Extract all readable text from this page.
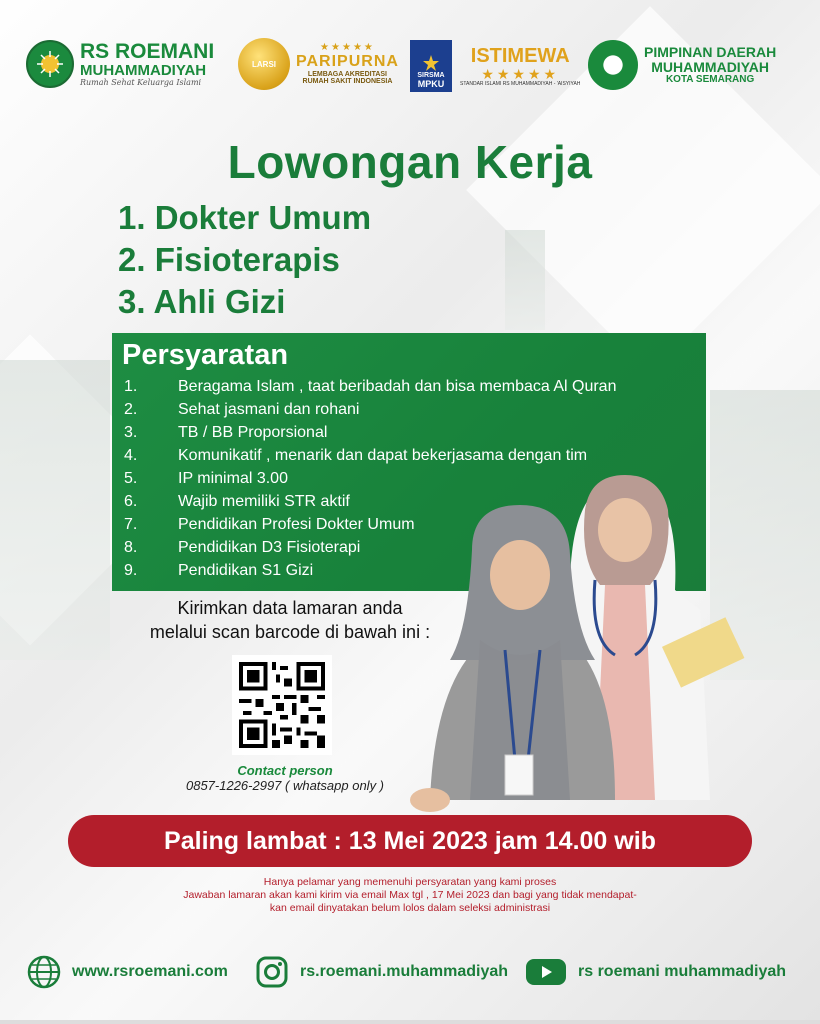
RS ROEMANI
MUHAMMADIYAH
Rumah Sehat Keluarga Islami
LARSI
★★★★★
PARIPURNA
LEMBAGA AKREDITASI
RUMAH SAKIT INDONESIA
SIRSMA
MPKU
ISTIMEWA
★★★★★
STANDAR ISLAMI RS MUHAMMADIYAH - 'AISYIYAH
PIMPINAN DAERAH
MUHAMMADIYAH
KOTA SEMARANG
Lowongan Kerja
1. Dokter Umum
2. Fisioterapis
3. Ahli Gizi
Persyaratan
1.	Beragama Islam , taat beribadah dan bisa membaca Al Quran
2.	Sehat jasmani dan rohani
3.	TB / BB Proporsional
4.	Komunikatif , menarik dan dapat bekerjasama dengan tim
5.	IP minimal 3.00
6.	Wajib memiliki STR aktif
7.	Pendidikan Profesi Dokter Umum
8.	Pendidikan D3 Fisioterapi
9.	Pendidikan S1 Gizi
Kirimkan data lamaran anda
melalui scan barcode di bawah ini :
Contact person
0857-1226-2997 ( whatsapp only )
Paling lambat : 13 Mei 2023 jam 14.00 wib
Hanya pelamar yang memenuhi persyaratan yang kami proses
Jawaban lamaran akan kami kirim via email Max tgl , 17 Mei 2023 dan bagi yang tidak mendapat-
kan email dinyatakan belum lolos dalam seleksi administrasi
www.rsroemani.com	rs.roemani.muhammadiyah	rs roemani muhammadiyah
